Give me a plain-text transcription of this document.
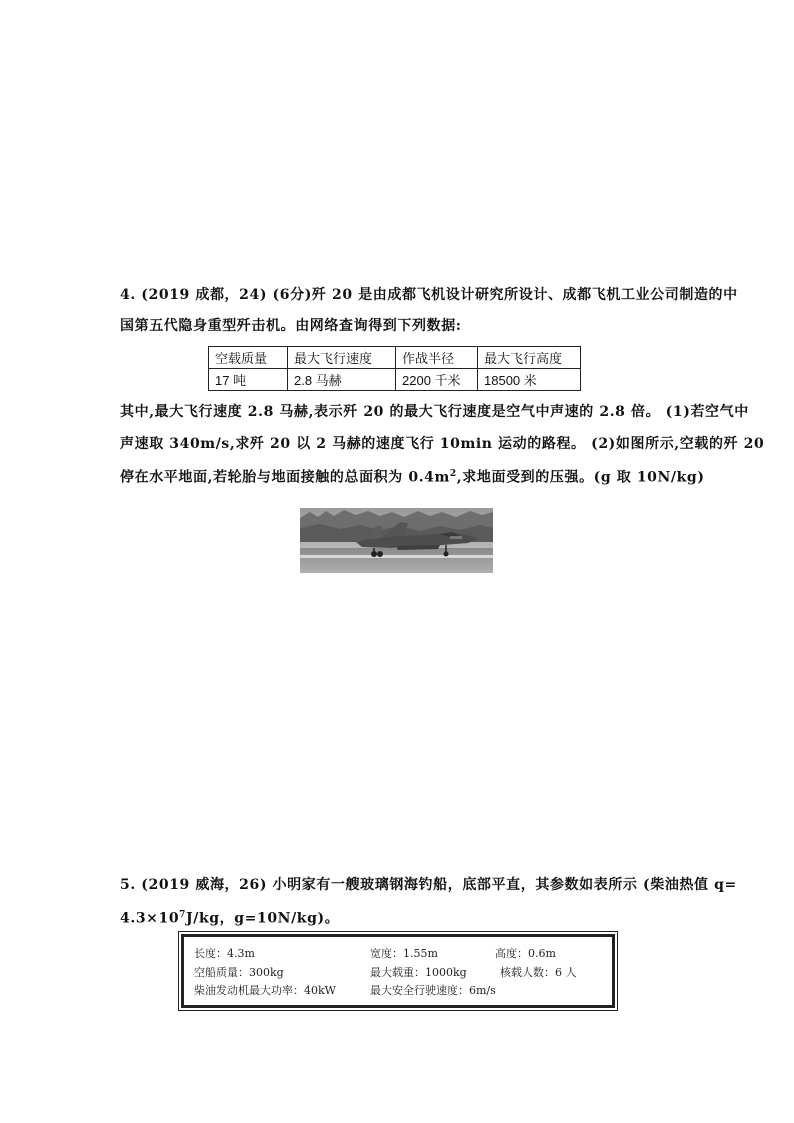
4. (2019 成都，24) (6分)歼 20 是由成都飞机设计研究所设计、成都飞机工业公司制造的中
国第五代隐身重型歼击机。由网络查询得到下列数据:
空载质量	最大飞行速度	作战半径	最大飞行高度
17 吨	2.8 马赫	2200 千米	18500 米
其中,最大飞行速度 2.8 马赫,表示歼 20 的最大飞行速度是空气中声速的 2.8 倍。 (1)若空气中
声速取 340m/s,求歼 20 以 2 马赫的速度飞行 10min 运动的路程。 (2)如图所示,空载的歼 20
停在水平地面,若轮胎与地面接触的总面积为 $0.4m^2$,求地面受到的压强。(g 取 10N/kg)
5. (2019 威海，26) 小明家有一艘玻璃钢海钓船，底部平直，其参数如表所示 (柴油热值 q=
$4.3\times 10^7J/kg$，g=10N/kg)。
长度：4.3m	宽度：1.55m	高度：0.6m
空船质量：300kg	最大载重：1000kg	核载人数：6 人
柴油发动机最大功率：40kW	最大安全行驶速度：6m/s
